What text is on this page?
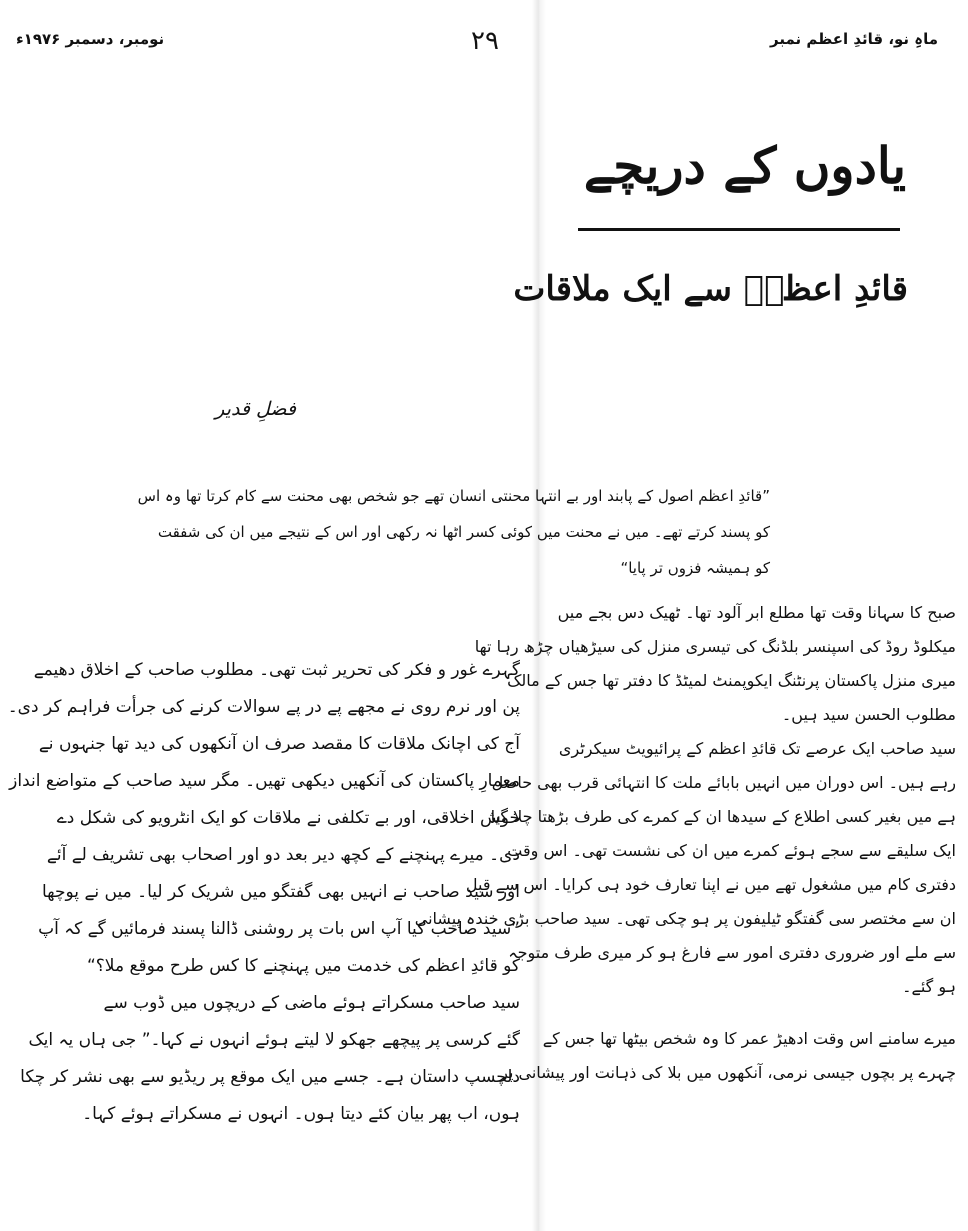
ماہِ نو، قائدِ اعظم نمبر
۲۹
نومبر، دسمبر ۱۹۷۶ء
یادوں کے دریچے
قائدِ اعظمؒ سے ایک ملاقات
فضلِ قدیر
”قائدِ اعظم اصول کے پابند اور بے انتہا محنتی انسان تھے جو شخص بھی محنت سے کام کرتا تھا وہ اس
کو پسند کرتے تھے۔ میں نے محنت میں کوئی کسر اٹھا نہ رکھی اور اس کے نتیجے میں ان کی شفقت
کو ہمیشہ فزوں تر پایا“
صبح کا سہانا وقت تھا مطلع ابر آلود تھا۔ ٹھیک دس بجے میں
میکلوڈ روڈ کی اسپنسر بلڈنگ کی تیسری منزل کی سیڑھیاں چڑھ رہا تھا
میری منزل پاکستان پرنٹنگ ایکوپمنٹ لمیٹڈ کا دفتر تھا جس کے مالک
مطلوب الحسن سید ہیں۔
سید صاحب ایک عرصے تک قائدِ اعظم کے پرائیویٹ سیکرٹری
رہے ہیں۔ اس دوران میں انہیں بابائے ملت کا انتہائی قرب بھی حاصل
ہے میں بغیر کسی اطلاع کے سیدھا ان کے کمرے کی طرف بڑھتا چلا گیا
ایک سلیقے سے سجے ہوئے کمرے میں ان کی نشست تھی۔ اس وقت
دفتری کام میں مشغول تھے میں نے اپنا تعارف خود ہی کرایا۔ اس سے قبل
ان سے مختصر سی گفتگو ٹیلیفون پر ہو چکی تھی۔ سید صاحب بڑی خندہ پیشانی
سے ملے اور ضروری دفتری امور سے فارغ ہو کر میری طرف متوجہ
ہو گئے۔
میرے سامنے اس وقت ادھیڑ عمر کا وہ شخص بیٹھا تھا جس کے
چہرے پر بچوں جیسی نرمی، آنکھوں میں بلا کی ذہانت اور پیشانی پر
گہرے غور و فکر کی تحریر ثبت تھی۔ مطلوب صاحب کے اخلاق دھیمے
پن اور نرم روی نے مجھے پے در پے سوالات کرنے کی جرأت فراہم کر دی۔
آج کی اچانک ملاقات کا مقصد صرف ان آنکھوں کی دید تھا جنہوں نے
معمارِ پاکستان کی آنکھیں دیکھی تھیں۔ مگر سید صاحب کے متواضع انداز
خوش اخلاقی، اور بے تکلفی نے ملاقات کو ایک انٹرویو کی شکل دے
دی۔ میرے پہنچنے کے کچھ دیر بعد دو اور اصحاب بھی تشریف لے آئے
اور سید صاحب نے انہیں بھی گفتگو میں شریک کر لیا۔ میں نے پوچھا
”سید صاحب کیا آپ اس بات پر روشنی ڈالنا پسند فرمائیں گے کہ آپ
کو قائدِ اعظم کی خدمت میں پہنچنے کا کس طرح موقع ملا؟“
سید صاحب مسکراتے ہوئے ماضی کے دریچوں میں ڈوب سے
گئے کرسی پر پیچھے جھکو لا لیتے ہوئے انہوں نے کہا۔” جی ہاں یہ ایک
دلچسپ داستان ہے۔ جسے میں ایک موقع پر ریڈیو سے بھی نشر کر چکا
ہوں، اب پھر بیان کئے دیتا ہوں۔ انہوں نے مسکراتے ہوئے کہا۔
